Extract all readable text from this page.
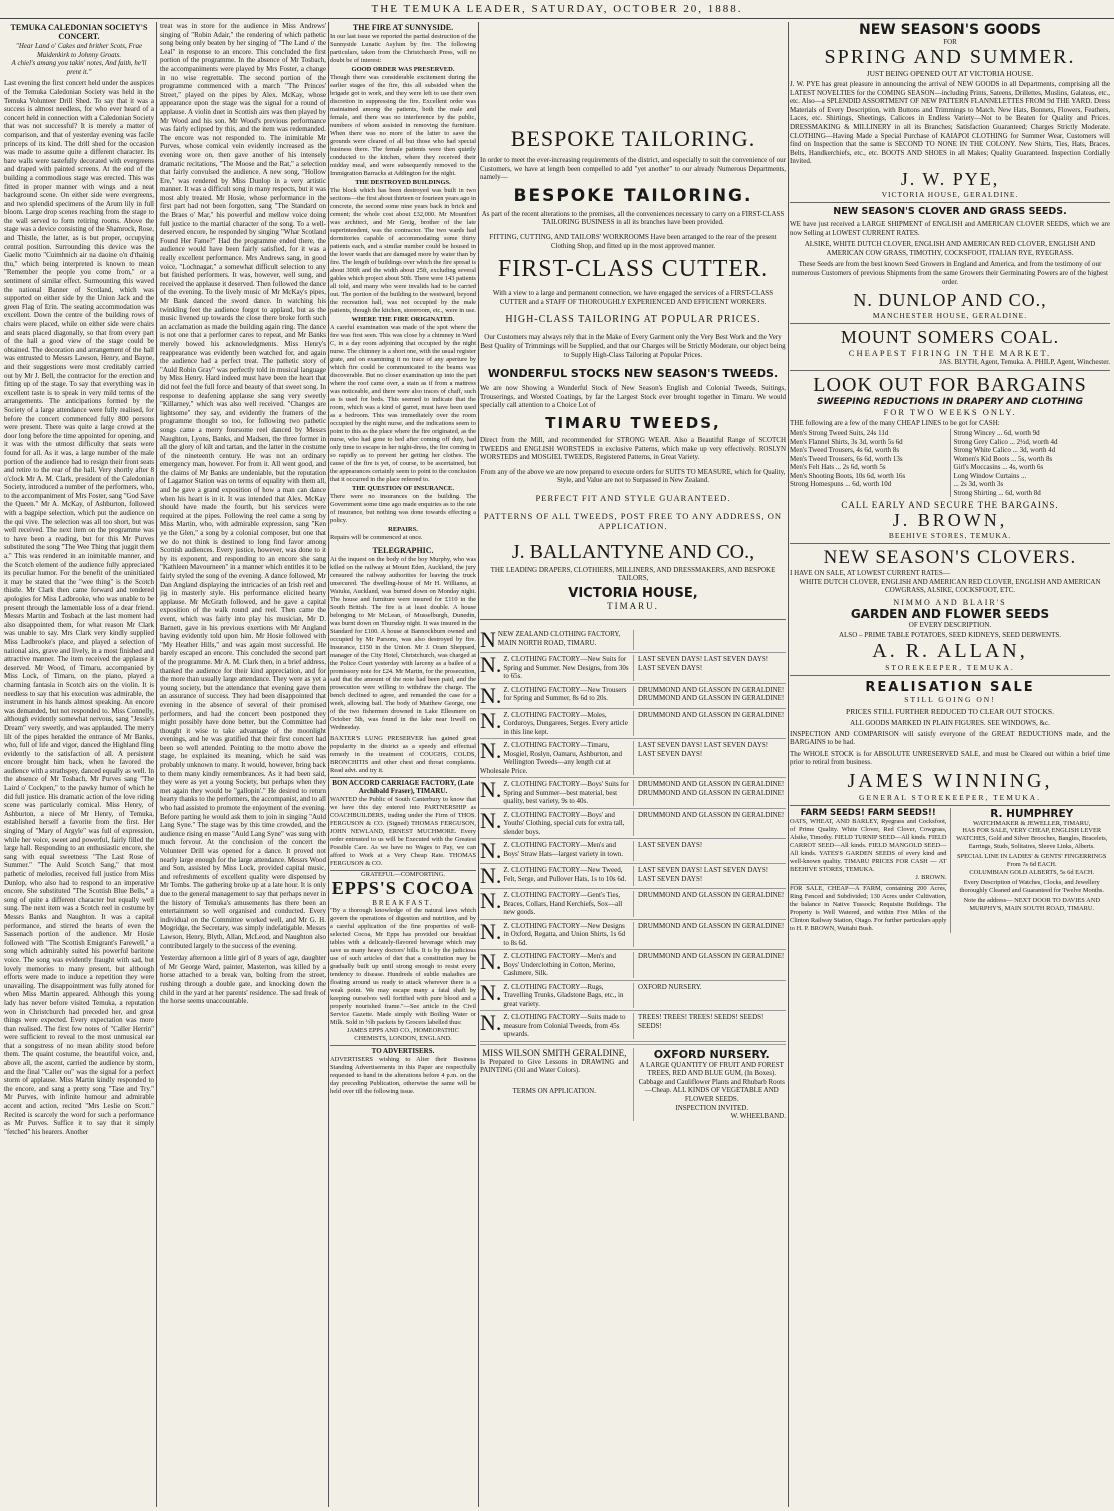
THE TEMUKA LEADER, SATURDAY, OCTOBER 20, 1888.
TEMUKA CALEDONIAN SOCIETY'S CONCERT.

"Hear Land o' Cakes and brither Scots, Frae Maidenkirk to Johnny Groats.

A chiel's amang you takin' notes, And faith, he'll prent it."

Last evening the first concert held under the auspices of the Temuka Caledonian Society was held in the Temuka Volunteer Drill Shed. To say that it was a success is almost needless, for who ever heard of a concert held in connection with a Caledonian Society that was not successful? It is merely a matter of comparison, and that of yesterday evening was facile princeps of its kind. The drill shed for the occasion was made to assume quite a different character. Its bare walls were tastefully decorated with evergreens and draped with painted screens. At the end of the building a commodious stage was erected. This was fitted in proper manner with wings and a neat background scene. On either side were evergreens, and two splendid specimens of the Arum lily in full bloom. Large drop scenes reaching from the stage to the wall served to form retiring rooms. Above the stage was a device consisting of the Shamrock, Rose, and Thistle, the latter, as is but proper, occupying central position. Surrounding this device was the Gaelic motto "Cuimhnich air na daoine o'n d'thainig thu," which being interpreted is known to mean "Remember the people you come from," or a sentiment of similar effect. Surmounting this waved the national Banner of Scotland, which was supported on either side by the Union Jack and the green Flag of Erin. The seating accommodation was excellent. Down the centre of the building rows of chairs were placed, while on either side were chairs and seats placed diagonally, so that from every part of the hall a good view of the stage could be obtained. The decoration and arrangement of the hall was entrusted to Messrs Lawson, Henry, and Bayne, and their suggestions were most creditably carried out by Mr J. Bell, the contractor for the erection and fitting up of the stage. To say that everything was in excellent taste is to speak in very mild terms of the arrangements. The anticipations formed by the Society of a large attendance were fully realised, for before the concert commenced fully 800 persons were present. There was quite a large crowd at the door long before the time appointed for opening, and it was with the utmost difficulty that seats were found for all. As it was, a large number of the male portion of the audience had to resign their front seats and retire to the rear of the hall. Very shortly after 8 o'clock Mr A. M. Clark, president of the Caledonian Society, introduced a number of the performers, who, to the accompaniment of Mrs Foster, sang "God Save the Queen." Mr A. McKay, of Ashburton, followed with a bagpipe selection, which put the audience on the qui vive. The selection was all too short, but was well received. The next item on the programme was to have been a reading, but for this Mr Purves substituted the song "The Wee Thing that juggit them a." This was rendered in an inimitable manner, and the Scotch element of the audience fully appreciated its peculiar humor. For the benefit of the uninitiated it may be stated that the "wee thing" is the Scotch thistle. Mr Clark then came forward and tendered apologies for Miss Ladbrooke, who was unable to be present through the lamentable loss of a dear friend. Messrs Martin and Tosbach at the last moment had also disappointed them, for what reason Mr Clark was unable to say. Mrs Clark very kindly supplied Miss Ladbrooke's place, and played a selection of national airs, grave and lively, in a most finished and attractive manner. The item received the applause it deserved. Mr Wood, of Timaru, accompanied by Miss Lock, of Timaru, on the piano, played a charming fantasia in Scotch airs on the violin. It is needless to say that his execution was admirable, the instrument in his hands almost speaking. An encore was demanded, but not responded to. Miss Connelly, although evidently somewhat nervous, sang "Jessie's Dream" very sweetly, and was applauded. The merry lilt of the pipes heralded the entrance of Mr Banks, who, full of life and vigor, danced the Highland fling evidently to the satisfaction of all. A persistent encore brought him back, when he favored the audience with a strathspey, danced equally as well. In the absence of Mr Tosbach, Mr Purves sang "The Laird o' Cockpen," to the pawky humor of which he did full justice. His dramatic action of the love riding scene was particularly comical. Miss Henry, of Ashburton, a niece of Mr Henry, of Temuka, established herself a favorite from the first. Her singing of "Mary of Argyle" was full of expression, while her voice, sweet and powerful, fairly filled the large hall. Responding to an enthusiastic encore, she sang with equal sweetness "The Last Rose of Summer." "The Auld Scotch Sang," that most pathetic of melodies, received full justice from Miss Dunlop, who also had to respond to an imperative encore. She substituted "The Scottish Blue Bells," a song of quite a different character but equally well sung. The next item was a Scotch reel in costume by Messrs Banks and Naughton. It was a capital performance, and stirred the hearts of even the Sassenach portion of the audience. Mr Hosie followed with "The Scottish Emigrant's Farewell," a song which admirably suited his powerful baritone voice. The song was evidently fraught with sad, but lovely memories to many present, but although efforts were made to induce a repetition they were unavailing. The disappointment was fully atoned for when Miss Martin appeared. Although this young lady has never before visited Temuka, a reputation won in Christchurch had preceded her, and great things were expected. Every expectation was more than realised. The first few notes of "Caller Herrin" were sufficient to reveal to the most unmusical ear that a songstress of no mean ability stood before them. The quaint costume, the beautiful voice, and, above all, the ascent, carried the audience by storm, and the final "Caller ou" was the signal for a perfect storm of applause. Miss Martin kindly responded to the encore, and sang a pretty song "Tase and Try." Mr Purves, with infinite humour and admirable accent and action, recited "Mrs Leslie on Scott." Recited is scarcely the word for such a performance as Mr Purves. Suffice it to say that it simply "fetched" his hearers. Another

treat was in store for the audience in Miss Andrews' singing of "Robin Adair," the rendering of which pathetic song being only beaten by her singing of "The Land o' the Leal" in response to an encore. This concluded the first portion of the programme. In the absence of Mr Tosbach, the accompaniments were played by Mrs Foster, a change in no wise regrettable. The second portion of the programme commenced with a march "The Princes' Street," played on the pipes by Alex. McKay, whose appearance upon the stage was the signal for a round of applause. A violin duet in Scottish airs was then played by Mr Wood and his son. Mr Wood's previous performance was fairly eclipsed by this, and the item was redemanded. The encore was not responded to. The inimitable Mr Purves, whose comical vein evidently increased as the evening wore on, then gave another of his intensely dramatic recitations, "The Moose and the Rat," a selection that fairly convulsed the audience. A new song, "Hollow Ere," was rendered by Miss Dunlop in a very artistic manner. It was a difficult song in many respects, but it was most ably treated. Mr Hosie, whose performance in the first part had not been forgotten, sang "The Standard on the Braes o' Mar," his powerful and mellow voice doing full justice to the martial character of the song. To a well-deserved encore, he responded by singing "Whar Scotland Found Her Fame?" Had the programme ended there, the audience would have been fairly satisfied, for it was a really excellent performance. Mrs Andrews sang, in good voice, "Lochnagar," a somewhat difficult selection to any but finished performers. It was, however, well sung, and received the applause it deserved. Then followed the dance of the evening. To the lively music of Mr McKay's pipes, Mr Bank danced the sword dance. In watching his twinkling feet the audience forgot to applaud, but as the music livened up towards the close there broke forth such an acclamation as made the building again ring. The dance is not one that a performer cares to repeat, and Mr Banks merely bowed his acknowledgments. Miss Henry's reappearance was evidently been watched for, and again the audience had a perfect treat. The pathetic story of "Auld Robin Gray" was perfectly told in musical language by Miss Henry. Hard indeed must have been the heart that did not feel the full force and beauty of that sweet song. In response to deafening applause she sang very sweetly "Killarney," which was also well received. "Changes are lightsome" they say, and evidently the framers of the programme thought so too, for following two pathetic songs came a merry foursome reel danced by Messrs Naughton, Lyons, Banks, and Madsen, the three former in all the glory of kilt and tartan, and the latter in the costume of the nineteenth century. He was not an ordinary emergency man, however. For from it. All went good, and the claims of Mr Banks are undeniable, but the reputation of Lagamor Station was on terms of equality with them all, and he gave a grand exposition of how a man can dance when his heart is in it. It was intended that Alex. McKay should have made the fourth, but his services were required at the pipes. Following the reel came a song by Miss Martin, who, with admirable expression, sang "Ken ye the Glen," a song by a colonial composer, but one that we do not think is destined to long find favor among Scottish audiences. Every justice, however, was done to it by its exponent, and responding to an encore she sang "Kathleen Mavourneen" in a manner which entitles it to be fairly styled the song of the evening. A dance followed, Mr Dan Angland displaying the intricacies of an Irish reel and jig in masterly style. His performance elicited hearty applause. Mr McGrath followed, and he gave a capital exposition of the walk round and reel. Then came the event, which was fairly into play his musician, Mr D. Barnett, gave in his previous exertions with Mr Angland having evidently told upon him. Mr Hosie followed with "My Heather Hills," and was again most successful. He barely escaped an encore. This concluded the second part of the programme. Mr A. M. Clark then, in a brief address, thanked the audience for their kind appreciation, and for the more than usually large attendance. They were as yet a young society, but the attendance that evening gave them an assurance of success. They had been disappointed that evening in the absence of several of their promised performers, and had the concert been postponed they might possibly have done better, but the Committee had thought it wise to take advantage of the moonlight evenings, and he was gratified that their first concert had been so well attended. Pointing to the motto above the stage, he explained its meaning, which he said was probably unknown to many. It would, however, bring back to them many kindly remembrances. As it had been said, they were as yet a young Society, but perhaps when they met again they would be "gallopin'." He desired to return hearty thanks to the performers, the accompanist, and to all who had assisted to promote the enjoyment of the evening. Before parting he would ask them to join in singing "Auld Lang Syne." The stage was by this time crowded, and the audience rising en masse "Auld Lang Syne" was sung with much fervour. At the conclusion of the concert the Volunteer Drill was opened for a dance. It proved not nearly large enough for the large attendance. Messrs Wood and Son, assisted by Miss Lock, provided capital music, and refreshments of excellent quality were dispensed by Mr Tombs. The gathering broke up at a late hour. It is only due to the general management to say that perhaps never in the history of Temuka's amusements has there been an entertainment so well organised and conducted. Every individual on the Committee worked well, and Mr G. H. Mogridge, the Secretary, was simply indefatigable. Messrs Lawson, Henry, Blyth, Allan, McLeod, and Naughton also contributed largely to the success of the evening.

Yesterday afternoon a little girl of 8 years of age, daughter of Mr George Ward, painter, Masterton, was killed by a horse attached to a break van, bolting from the street, rushing through a double gate, and knocking down the child in the yard at her parents' residence. The sad freak of the horse seems unaccountable.

THE FIRE AT SUNNYSIDE.

In our last issue we reported the partial destruction of the Sunnyside Lunatic Asylum by fire. The following particulars, taken from the Christchurch Press, will no doubt be of interest:

GOOD ORDER WAS PRESERVED.

Though there was considerable excitement during the earlier stages of the fire, this all subsided when the brigade got to work, and they were left to use their own discretion in suppressing the fire. Excellent order was maintained among the patients, both the male and female, and there was no interference by the public, numbers of whom assisted in removing the furniture. When there was no more of the latter to save the grounds were cleared of all but those who had special business there. The female patients were then quietly conducted to the kitchen, where they received their midday meal, and were subsequently removed to the Immigration Barracks at Addington for the night.

THE DESTROYED BUILDINGS.

The block which has been destroyed was built in two sections—the first about thirteen or fourteen years ago in concrete, the second some nine years back in brick and cement; the whole cost about £32,000. Mr Mountfort was architect, and Mr Greig, brother of the late superintendent, was the contractor. The two wards had dormitories capable of accommodating some thirty patients each, and a similar number could be housed in the lower wards that are damaged more by water than by fire. The length of buildings over which the fire spread is about 300ft and the width about 25ft, excluding several gables which project about 50ft. There were 143 patients all told, and many who were invalids had to be carried out. The portion of the building to the westward, beyond the recreation hall, was not occupied by the male patients, though the kitchen, storeroom, etc., were in use.

WHERE THE FIRE ORIGINATED.

A careful examination was made of the spot where the fire was first seen. This was close by a chimney in Ward C, in a day room adjoining that occupied by the night nurse. The chimney is a short one, with the usual register grate, and on examining it no trace of any aperture by which fire could be communicated to the beams was discoverable. But no closer examination up into the part where the roof came over, a stain as if from a mattress was noticeable, and there were also traces of chaff, such as is used for beds. This seemed to indicate that the room, which was a kind of garret, must have been used as a bedroom. This was immediately over the room occupied by the night nurse, and the indications seem to point to this as the place where the fire originated, as the nurse, who had gone to bed after coming off duty, had only time to escape in her night-dress, the fire coming in so rapidly as to prevent her getting her clothes. The cause of the fire is yet, of course, to be ascertained, but the appearances certainly seem to point to the conclusion that it occurred in the place referred to.

THE QUESTION OF INSURANCE.

There were no insurances on the building. The Government some time ago made enquiries as to the rate of insurance, but nothing was done towards effecting a policy.

REPAIRS.

Repairs will be commenced at once.

TELEGRAPHIC.

At the inquest on the body of the boy Murphy, who was killed on the railway at Mount Eden, Auckland, the jury censured the railway authorities for leaving the truck unsecured. The dwelling-house of Mr H. Williams, at Waiuku, Auckland, was burned down on Monday night. The house and furniture were insured for £110 in the South British. The fire is at least double. A house belonging to Mr McLean, of Musselburgh, Dunedin, was burnt down on Thursday night. It was insured in the Standard for £100. A house at Bannockburn owned and occupied by Mr Parsons, was also destroyed by fire. Insurance, £150 in the Union. Mr J. Oram Sheppard, manager of the City Hotel, Christchurch, was charged at the Police Court yesterday with larceny as a bailee of a promissory note for £24. Mr Martin, for the prosecution, said that the amount of the note had been paid, and the prosecution were willing to withdraw the charge. The bench declined to agree, and remanded the case for a week, allowing bail. The body of Matthew George, one of the two fishermen drowned in Lake Ellesmere on October 5th, was found in the lake near Irwell on Wednesday.

BAXTER'S LUNG PRESERVER has gained great popularity in the district as a speedy and effectual remedy in the treatment of COUGHS, COLDS, BRONCHITIS and other chest and throat complaints. Read advt. and try it.

BON ACCORD CARRIAGE FACTORY, (Late Archibald Fraser), TIMARU.

WANTED the Public of South Canterbury to know that we have this day entered into PARTNERSHIP as COACHBUILDERS, trading under the Firm of THOS. FERGUSON & CO. (Signed) THOMAS FERGUSON, JOHN NEWLAND, ERNEST MUCHMORE. Every order entrusted to us will be Executed with the Greatest Possible Care. As we have no Wages to Pay, we can afford to Work at a Very Cheap Rate. THOMAS FERGUSON & CO.

GRATEFUL—COMFORTING.
EPPS'S COCOA
BREAKFAST.

"By a thorough knowledge of the natural laws which govern the operations of digestion and nutrition, and by a careful application of the fine properties of well-selected Cocoa, Mr Epps has provided our breakfast tables with a delicately-flavored beverage which may save us many heavy doctors' bills. It is by the judicious use of such articles of diet that a constitution may be gradually built up until strong enough to resist every tendency to disease. Hundreds of subtle maladies are floating around us ready to attack wherever there is a weak point. We may escape many a fatal shaft by keeping ourselves well fortified with pure blood and a properly nourished frame."—See article in the Civil Service Gazette. Made simply with Boiling Water or Milk. Sold in ½lb packets by Grocers labelled thus:

JAMES EPPS AND CO., HOMEOPATHIC CHEMISTS, LONDON, ENGLAND.

TO ADVERTISERS.

ADVERTISERS wishing to Alter their Business Standing Advertisements in this Paper are respectfully requested to hand in the alterations before 4 p.m. on the day preceding Publication, otherwise the same will be held over till the following issue.

BESPOKE TAILORING.

In order to meet the ever-increasing requirements of the district, and especially to suit the convenience of our Customers, we have at length been compelled to add "yet another" to our already Numerous Departments, namely—

BESPOKE TAILORING.

As part of the recent alterations to the premises, all the conveniences necessary to carry on a FIRST-CLASS TAILORING BUSINESS in all its branches have been provided.

FITTING, CUTTING, AND TAILORS' WORKROOMS Have been arranged to the rear of the present Clothing Shop, and fitted up in the most approved manner.

FIRST-CLASS CUTTER.

With a view to a large and permanent connection, we have engaged the services of a FIRST-CLASS CUTTER and a STAFF OF THOROUGHLY EXPERIENCED AND EFFICIENT WORKERS.

HIGH-CLASS TAILORING AT POPULAR PRICES.

Our Customers may always rely that in the Make of Every Garment only the Very Best Work and the Very Best Quality of Trimmings will be Supplied, and that our Charges will be Strictly Moderate, our object being to Supply High-Class Tailoring at Popular Prices.

WONDERFUL STOCKS NEW SEASON'S TWEEDS.

We are now Showing a Wonderful Stock of New Season's English and Colonial Tweeds, Suitings, Trouserings, and Worsted Coatings, by far the Largest Stock ever brought together in Timaru. We would specially call attention to a Choice Lot of

TIMARU TWEEDS,

Direct from the Mill, and recommended for STRONG WEAR. Also a Beautiful Range of SCOTCH TWEEDS and ENGLISH WORSTEDS in exclusive Patterns, which make up very effectively. ROSLYN WORSTEDS and MOSGIEL TWEEDS, Registered Patterns, in Great Variety.

From any of the above we are now prepared to execute orders for SUITS TO MEASURE, which for Quality, Style, and Value are not to Surpassed in New Zealand.

PERFECT FIT AND STYLE GUARANTEED.
PATTERNS OF ALL TWEEDS, POST FREE TO ANY ADDRESS, ON APPLICATION.
J. BALLANTYNE AND CO.,

THE LEADING DRAPERS, CLOTHIERS, MILLINERS, AND DRESSMAKERS, AND BESPOKE TAILORS,

VICTORIA HOUSE,
TIMARU.
NNEW ZEALAND CLOTHING FACTORY, MAIN NORTH ROAD, TIMARU.
N. Z. CLOTHING FACTORY—New Suits for Spring and Summer. New Designs, from 30s to 65s.
LAST SEVEN DAYS! LAST SEVEN DAYS! LAST SEVEN DAYS!
N. Z. CLOTHING FACTORY—New Trousers for Spring and Summer, 8s 6d to 20s.
DRUMMOND AND GLASSON IN GERALDINE! DRUMMOND AND GLASSON IN GERALDINE!
N. Z. CLOTHING FACTORY—Moles, Corduroys, Dungarees, Serges. Every article in this line kept.
DRUMMOND AND GLASSON IN GERALDINE!
N. Z. CLOTHING FACTORY—Timaru, Mosgiel, Roslyn, Oamaru, Ashburton, and Wellington Tweeds—any length cut at Wholesale Price.
LAST SEVEN DAYS! LAST SEVEN DAYS! LAST SEVEN DAYS!
N. Z. CLOTHING FACTORY—Boys' Suits for Spring and Summer—best material, best quality, best variety, 9s to 40s.
DRUMMOND AND GLASSON IN GERALDINE! DRUMMOND AND GLASSON IN GERALDINE!
N. Z. CLOTHING FACTORY—Boys' and Youths' Clothing, special cuts for extra tall, slender boys.
DRUMMOND AND GLASSON IN GERALDINE!
N. Z. CLOTHING FACTORY—Men's and Boys' Straw Hats—largest variety in town.
LAST SEVEN DAYS!
N. Z. CLOTHING FACTORY—New Tweed, Felt, Serge, and Pullover Hats, 1s to 10s 6d.
LAST SEVEN DAYS! LAST SEVEN DAYS! LAST SEVEN DAYS!
N. Z. CLOTHING FACTORY—Gent's Ties, Braces, Collars, Hand Kerchiefs, Sox—all new goods.
DRUMMOND AND GLASSON IN GERALDINE!
N. Z. CLOTHING FACTORY—New Designs in Oxford, Regatta, and Union Shirts, 1s 6d to 8s 6d.
DRUMMOND AND GLASSON IN GERALDINE!
N. Z. CLOTHING FACTORY—Men's and Boys' Underclothing in Cotton, Merino, Cashmere, Silk.
DRUMMOND AND GLASSON IN GERALDINE!
N. Z. CLOTHING FACTORY—Rugs, Travelling Trunks, Gladstone Bags, etc., in great variety.
OXFORD NURSERY.
N. Z. CLOTHING FACTORY—Suits made to measure from Colonial Tweeds, from 45s upwards.
TREES! TREES! TREES! SEEDS! SEEDS! SEEDS!
MISS WILSON SMITH GERALDINE,

Is Prepared to Give Lessons in DRAWING and PAINTING (Oil and Water Colors).

TERMS ON APPLICATION.

OXFORD NURSERY.

A LARGE QUANTITY OF FRUIT AND FOREST TREES, RED AND BLUE GUM, (In Boxes). Cabbage and Cauliflower Plants and Rhubarb Roots—Cheap. ALL KINDS OF VEGETABLE AND FLOWER SEEDS.

INSPECTION INVITED.

W. WHEELBAND.

NEW SEASON'S GOODS
FOR
SPRING AND SUMMER.
JUST BEING OPENED OUT AT VICTORIA HOUSE.

J. W. PYE has great pleasure in announcing the arrival of NEW GOODS in all Departments, comprising all the LATEST NOVELTIES for the COMING SEASON—including Prints, Sateens, Drillettes, Muslins, Galateas, etc., etc. Also—a SPLENDID ASSORTMENT OF NEW PATTERN FLANNELETTES FROM 9d THE YARD. Dress Materials of Every Description, with Buttons and Trimmings to Match. New Hats, Bonnets, Flowers, Feathers, Laces, etc. Shirtings, Sheetings, Calicoes in Endless Variety—Not to be Beaten for Quality and Prices. DRESSMAKING & MILLINERY in all its Branches; Satisfaction Guaranteed; Charges Strictly Moderate. CLOTHING—Having Made a Special Purchase of KAIAPOI CLOTHING for Summer Wear, Customers will find on Inspection that the same is SECOND TO NONE IN THE COLONY. New Shirts, Ties, Hats, Braces, Belts, Handkerchiefs, etc., etc. BOOTS AND SHOES in all Makes; Quality Guaranteed. Inspection Cordially Invited.

J. W. PYE,
VICTORIA HOUSE, GERALDINE.
NEW SEASON'S CLOVER AND GRASS SEEDS.

WE have just received a LARGE SHIPMENT of ENGLISH and AMERICAN CLOVER SEEDS, which we are now Selling at LOWEST CURRENT RATES.

ALSIKE, WHITE DUTCH CLOVER, ENGLISH AND AMERICAN RED CLOVER, ENGLISH AND AMERICAN COW GRASS, TIMOTHY, COCKSFOOT, ITALIAN RYE, RYEGRASS.

These Seeds are from the best known Seed Growers in England and America, and from the testimony of our numerous Customers of previous Shipments from the same Growers their Germinating Powers are of the highest order.

N. DUNLOP AND CO.,
MANCHESTER HOUSE, GERALDINE.
MOUNT SOMERS COAL.
CHEAPEST FIRING IN THE MARKET.

JAS. BLYTH, Agent, Temuka. A. PHILP, Agent, Winchester.

LOOK OUT FOR BARGAINS
SWEEPING REDUCTIONS IN DRAPERY AND CLOTHING
FOR TWO WEEKS ONLY.

THE following are a few of the many CHEAP LINES to be got for CASH:

Men's Strong Tweed Suits, 24s 11d
Men's Flannel Shirts, 3s 3d, worth 5s 6d
Men's Tweed Trousers, 4s 6d, worth 8s
Men's Tweed Trousers, 6s 6d, worth 13s
Men's Felt Hats ... 2s 6d, worth 5s
Men's Shooting Boots, 10s 6d, worth 16s
Strong Homespuns ... 6d, worth 10d
Strong Wincey ... 6d, worth 9d
Strong Grey Calico ... 2½d, worth 4d
Strong White Calico ... 3d, worth 4d
Women's Kid Boots ... 5s, worth 8s
Girl's Moccasins ... 4s, worth 6s
Long Window Curtains ...
... 2s 3d, worth 3s
Strong Shirting ... 6d, worth 8d
CALL EARLY AND SECURE THE BARGAINS.
J. BROWN,
BEEHIVE STORES, TEMUKA.
NEW SEASON'S CLOVERS.

I HAVE ON SALE, AT LOWEST CURRENT RATES—

WHITE DUTCH CLOVER, ENGLISH AND AMERICAN RED CLOVER, ENGLISH AND AMERICAN COWGRASS, ALSIKE, COCKSFOOT, ETC.

NIMMO AND BLAIR'S
GARDEN AND FLOWER SEEDS
OF EVERY DESCRIPTION.

ALSO – PRIME TABLE POTATOES, SEED KIDNEYS, SEED DERWENTS.

A. R. ALLAN,
STOREKEEPER, TEMUKA.
REALISATION SALE
STILL GOING ON!
PRICES STILL FURTHER REDUCED TO CLEAR OUT STOCKS.
ALL GOODS MARKED IN PLAIN FIGURES. SEE WINDOWS, &c.

INSPECTION AND COMPARISON will satisfy everyone of the GREAT REDUCTIONS made, and the BARGAINS to be had.

The WHOLE STOCK is for ABSOLUTE UNRESERVED SALE, and must be Cleared out within a brief time prior to retiral from business.

JAMES WINNING,
GENERAL STOREKEEPER, TEMUKA.
FARM SEEDS! FARM SEEDS!!

OATS, WHEAT, AND BARLEY, Ryegrass and Cocksfoot, of Prime Quality. White Clover, Red Clover, Cowgrass, Alsike, Timothy. FIELD TURNIP SEED—All kinds. FIELD CARROT SEED—All kinds. FIELD MANGOLD SEED—All kinds. YATES'S GARDEN SEEDS of every kind and well-known quality. TIMARU PRICES FOR CASH — AT BEEHIVE STORES, TEMUKA.

J. BROWN.

FOR SALE, CHEAP—A FARM, containing 200 Acres, Ring Fenced and Subdivided; 130 Acres under Cultivation, the balance in Native Tussock; Requisite Buildings. The Property is Well Watered, and within Five Miles of the Clinton Railway Station, Otago. For further particulars apply to H. P. BROWN, Waitahi Bush.

R. HUMPHREY
WATCHMAKER & JEWELLER, TIMARU,

HAS FOR SALE, VERY CHEAP, ENGLISH LEVER WATCHES, Gold and Silver Brooches, Bangles, Bracelets, Earrings, Studs, Solitaires, Sleeve Links, Alberts.

SPECIAL LINE IN LADIES' & GENTS' FINGERRINGS From 7s 6d EACH.

COLUMBIAN GOLD ALBERTS, 5s 6d EACH.

Every Description of Watches, Clocks, and Jewellery thoroughly Cleaned and Guaranteed for Twelve Months.

Note the address— NEXT DOOR TO DAVIES AND MURPHY'S, MAIN SOUTH ROAD, TIMARU.
